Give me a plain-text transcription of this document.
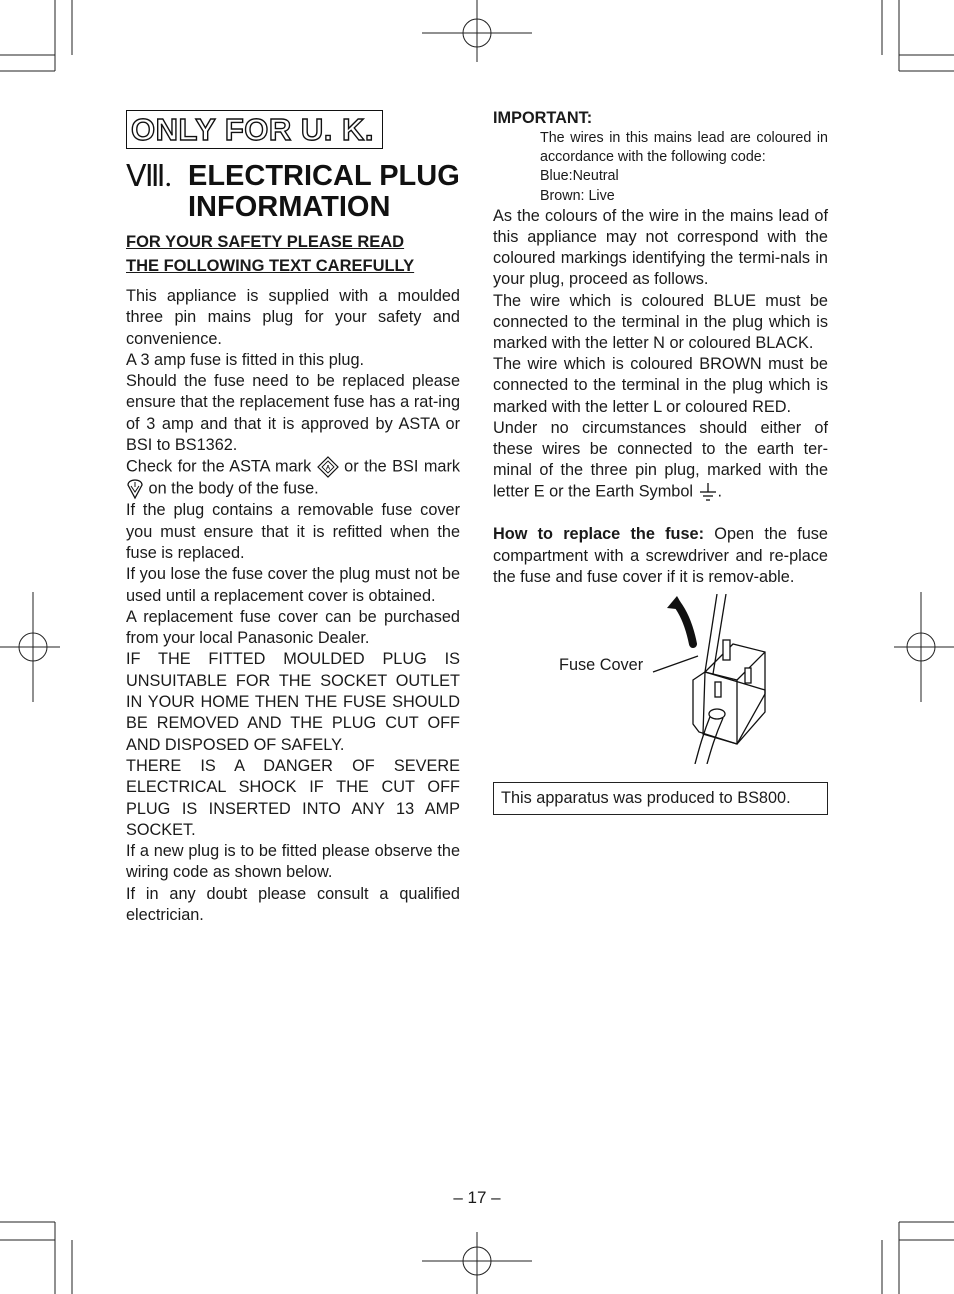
ONLY FOR U. K.
Ⅷ. ELECTRICAL PLUG
INFORMATION
FOR YOUR SAFETY PLEASE READ
THE FOLLOWING TEXT CAREFULLY

This appliance is supplied with a moulded three pin mains plug for your safety and convenience.

A 3 amp fuse is fitted in this plug.

Should the fuse need to be replaced please ensure that the replacement fuse has a rat-ing of 3 amp and that it is approved by ASTA or BSI to BS1362.

Check for the ASTA mark A or the BSI mark  on the body of the fuse.

If the plug contains a removable fuse cover you must ensure that it is refitted when the fuse is replaced.

If you lose the fuse cover the plug must not be used until a replacement cover is obtained.

A replacement fuse cover can be purchased from your local Panasonic Dealer.

IF THE FITTED MOULDED PLUG IS UNSUITABLE FOR THE SOCKET OUTLET IN YOUR HOME THEN THE FUSE SHOULD BE REMOVED AND THE PLUG CUT OFF AND DISPOSED OF SAFELY.

THERE IS A DANGER OF SEVERE ELECTRICAL SHOCK IF THE CUT OFF PLUG IS INSERTED INTO ANY 13 AMP SOCKET.

If a new plug is to be fitted please observe the wiring code as shown below.

If in any doubt please consult a qualified electrician.

IMPORTANT:
The wires in this mains lead are coloured in accordance with the following code:
Blue:Neutral
Brown: Live

As the colours of the wire in the mains lead of this appliance may not correspond with the coloured markings identifying the termi-nals in your plug, proceed as follows.

The wire which is coloured BLUE must be connected to the terminal in the plug which is marked with the letter N or coloured BLACK.

The wire which is coloured BROWN must be connected to the terminal in the plug which is marked with the letter L or coloured RED.

Under no circumstances should either of these wires be connected to the earth ter-minal of the three pin plug, marked with the letter E or the Earth Symbol .

How to replace the fuse: Open the fuse compartment with a screwdriver and re-place the fuse and fuse cover if it is remov-able.

Fuse Cover
This apparatus was produced to BS800.
– 17 –
